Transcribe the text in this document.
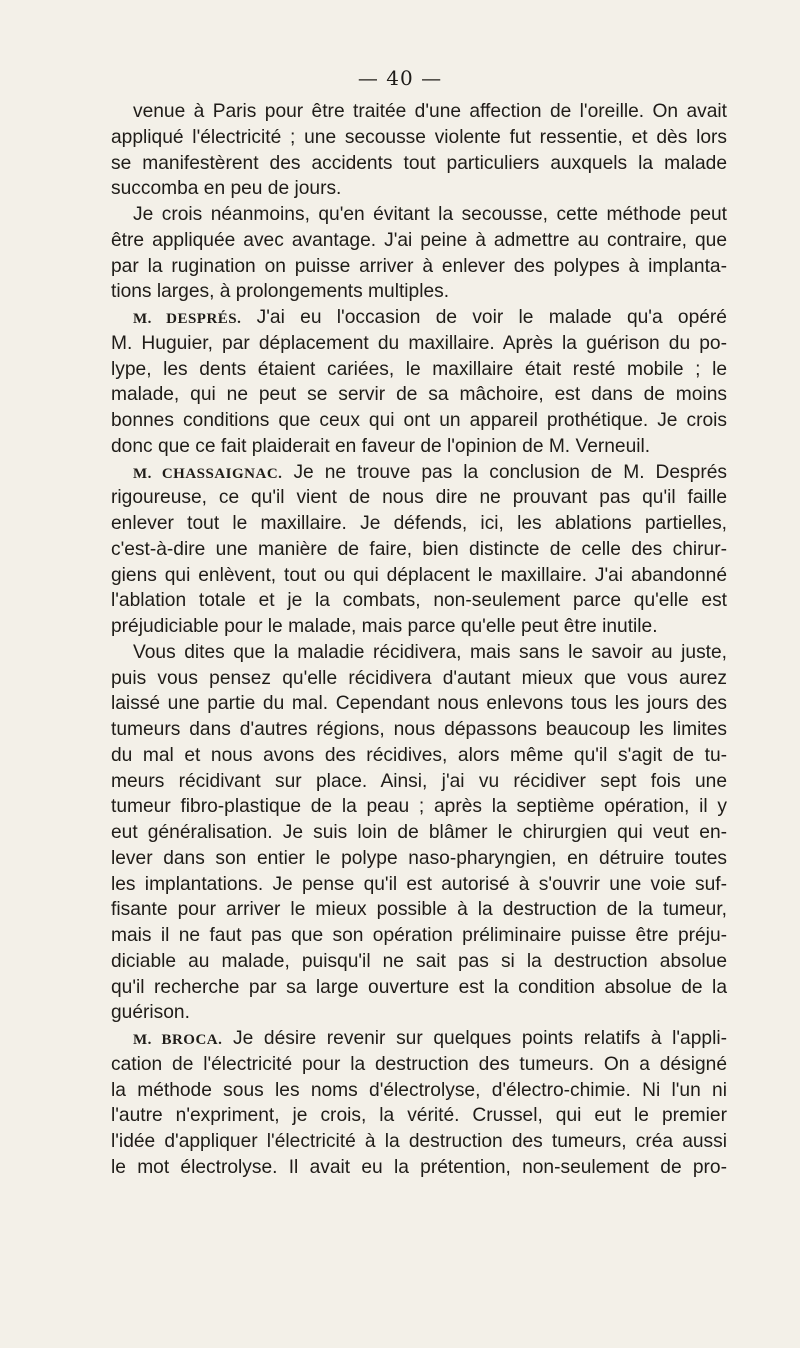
— 40 —
venue à Paris pour être traitée d'une affection de l'oreille. On avait
appliqué l'électricité ; une secousse violente fut ressentie, et dès lors
se manifestèrent des accidents tout particuliers auxquels la malade
succomba en peu de jours.
Je crois néanmoins, qu'en évitant la secousse, cette méthode peut
être appliquée avec avantage. J'ai peine à admettre au contraire, que
par la rugination on puisse arriver à enlever des polypes à implanta-
tions larges, à prolongements multiples.
M. DESPRÉS. J'ai eu l'occasion de voir le malade qu'a opéré
M. Huguier, par déplacement du maxillaire. Après la guérison du po-
lype, les dents étaient cariées, le maxillaire était resté mobile ; le
malade, qui ne peut se servir de sa mâchoire, est dans de moins
bonnes conditions que ceux qui ont un appareil prothétique. Je crois
donc que ce fait plaiderait en faveur de l'opinion de M. Verneuil.
M. CHASSAIGNAC. Je ne trouve pas la conclusion de M. Després
rigoureuse, ce qu'il vient de nous dire ne prouvant pas qu'il faille
enlever tout le maxillaire. Je défends, ici, les ablations partielles,
c'est-à-dire une manière de faire, bien distincte de celle des chirur-
giens qui enlèvent, tout ou qui déplacent le maxillaire. J'ai abandonné
l'ablation totale et je la combats, non-seulement parce qu'elle est
préjudiciable pour le malade, mais parce qu'elle peut être inutile.
Vous dites que la maladie récidivera, mais sans le savoir au juste,
puis vous pensez qu'elle récidivera d'autant mieux que vous aurez
laissé une partie du mal. Cependant nous enlevons tous les jours des
tumeurs dans d'autres régions, nous dépassons beaucoup les limites
du mal et nous avons des récidives, alors même qu'il s'agit de tu-
meurs récidivant sur place. Ainsi, j'ai vu récidiver sept fois une
tumeur fibro-plastique de la peau ; après la septième opération, il y
eut généralisation. Je suis loin de blâmer le chirurgien qui veut en-
lever dans son entier le polype naso-pharyngien, en détruire toutes
les implantations. Je pense qu'il est autorisé à s'ouvrir une voie suf-
fisante pour arriver le mieux possible à la destruction de la tumeur,
mais il ne faut pas que son opération préliminaire puisse être préju-
diciable au malade, puisqu'il ne sait pas si la destruction absolue
qu'il recherche par sa large ouverture est la condition absolue de la
guérison.
M. BROCA. Je désire revenir sur quelques points relatifs à l'appli-
cation de l'électricité pour la destruction des tumeurs. On a désigné
la méthode sous les noms d'électrolyse, d'électro-chimie. Ni l'un ni
l'autre n'expriment, je crois, la vérité. Crussel, qui eut le premier
l'idée d'appliquer l'électricité à la destruction des tumeurs, créa aussi
le mot électrolyse. Il avait eu la prétention, non-seulement de pro-
